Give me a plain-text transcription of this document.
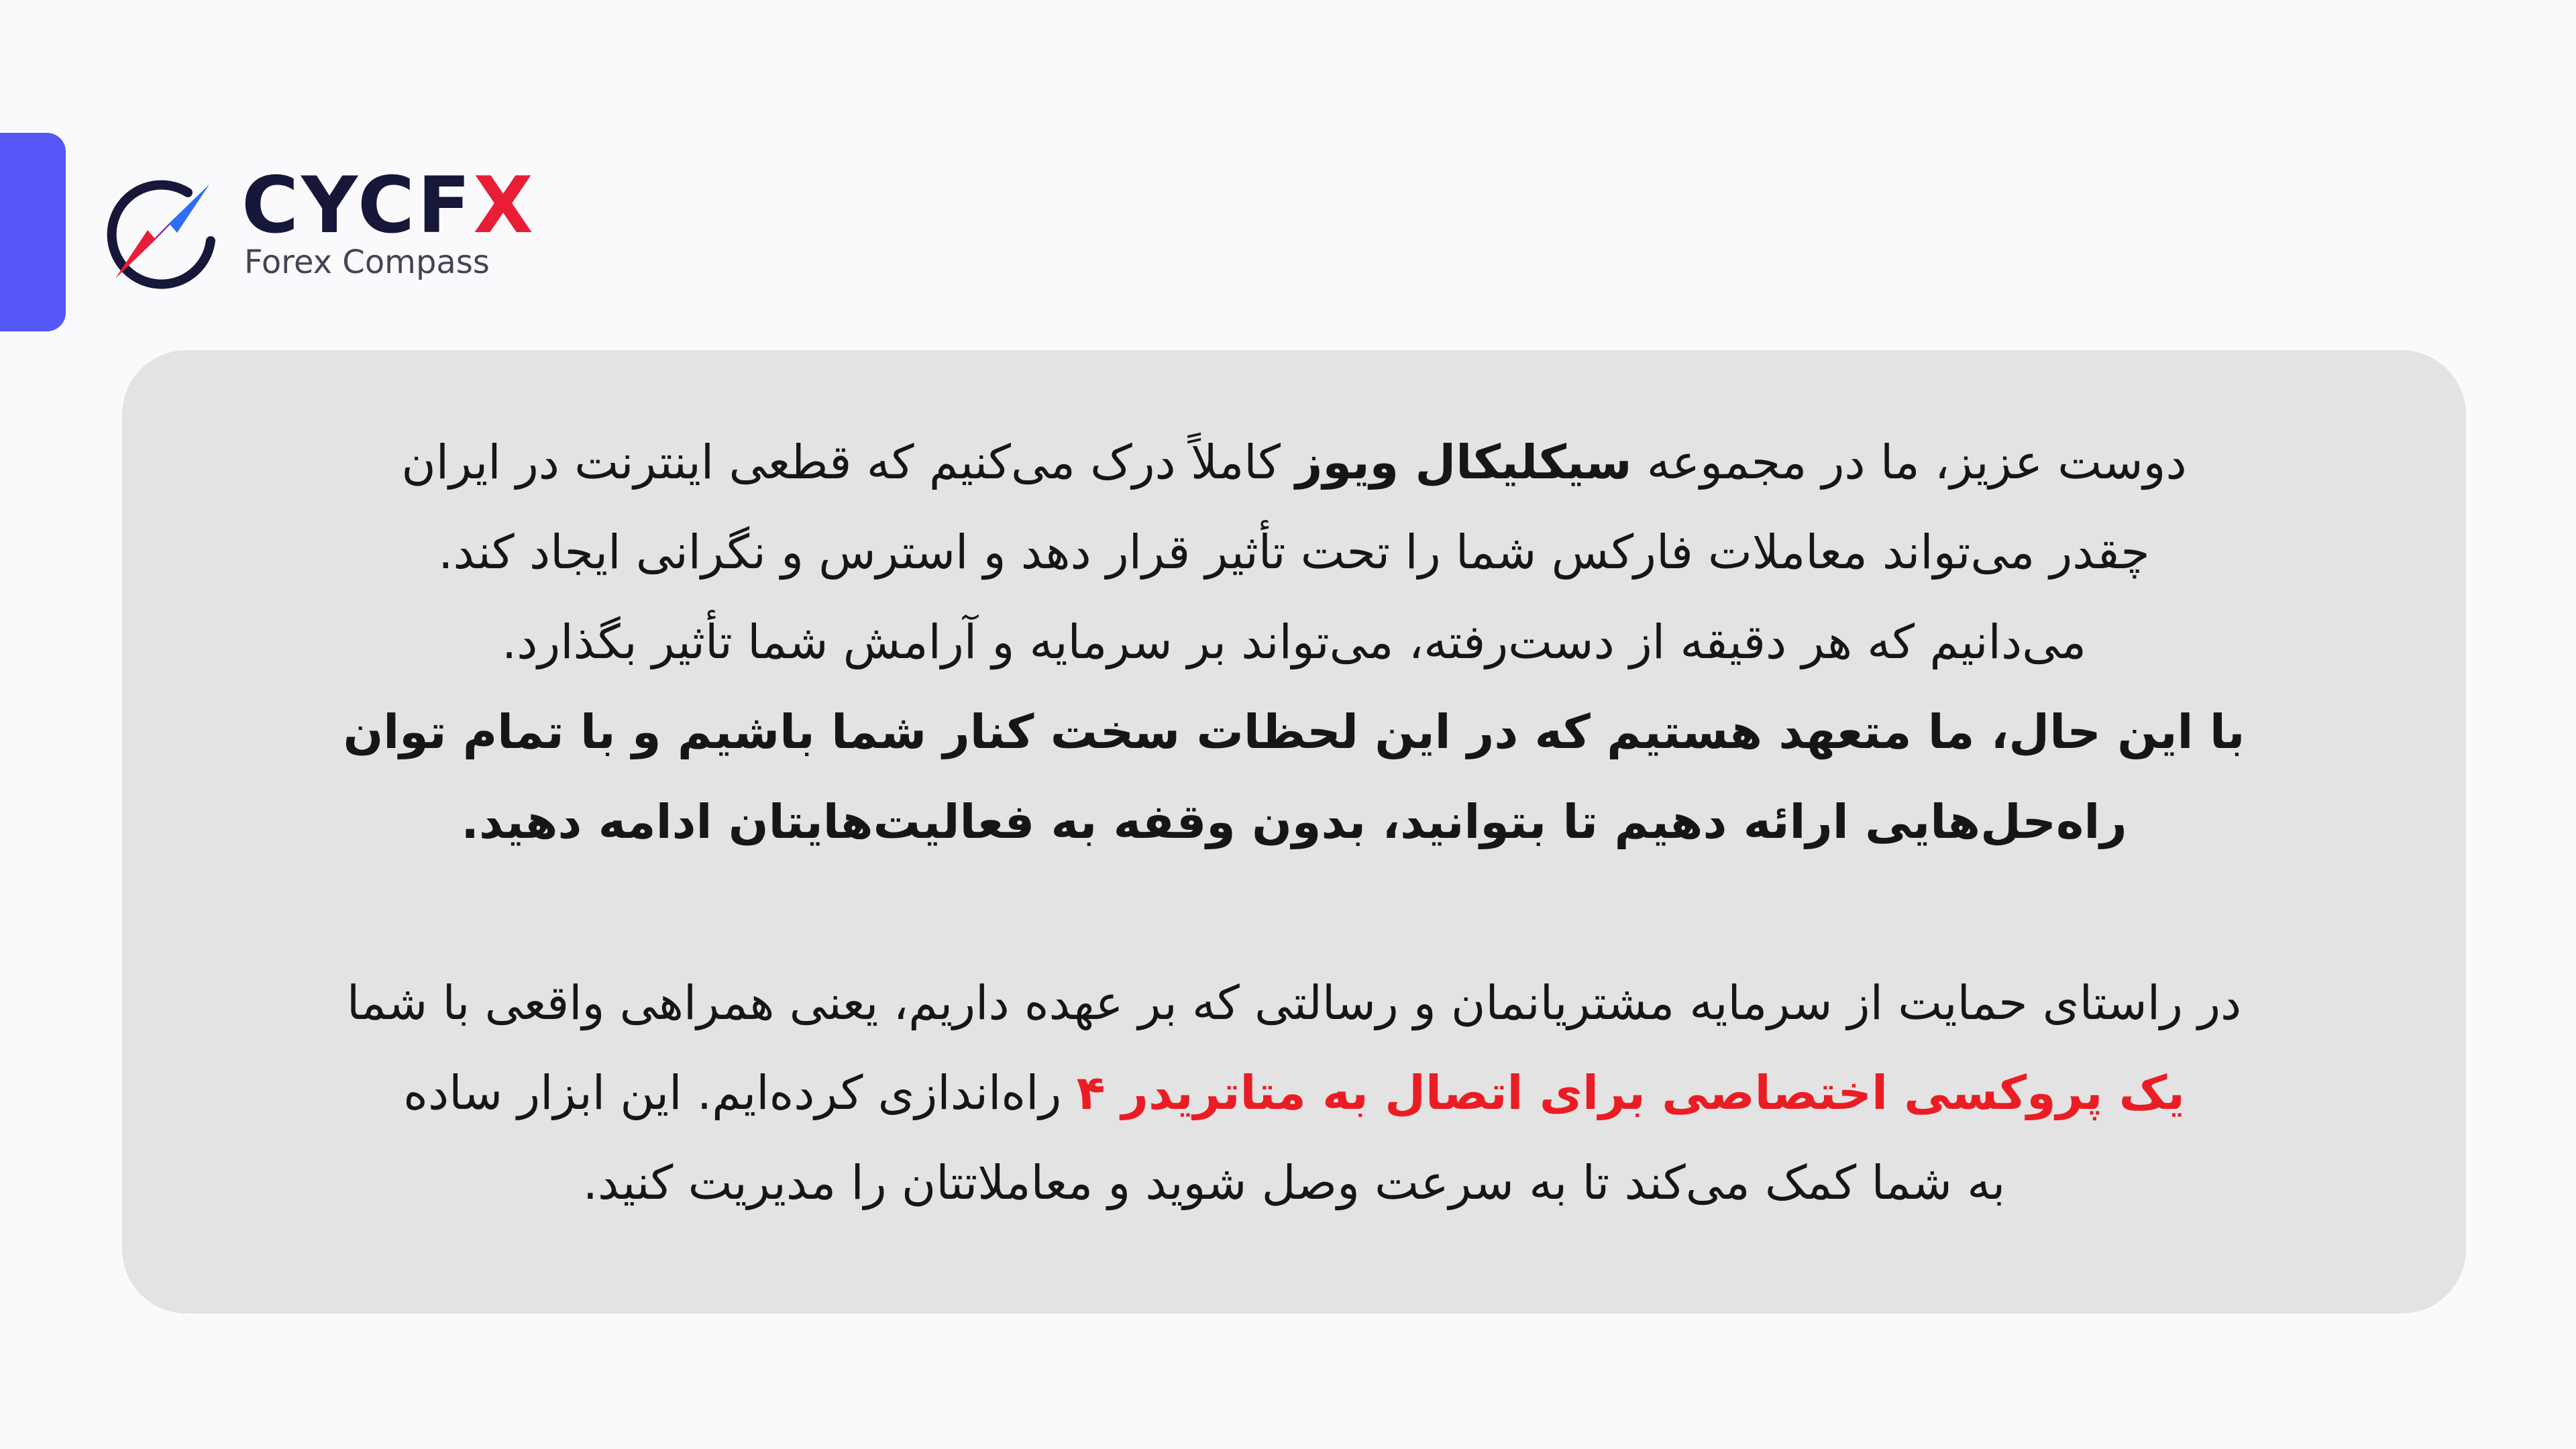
CYCFX
Forex Compass

دوست عزیز، ما در مجموعه سیکلیکال ویوز کاملاً درک می‌کنیم که قطعی اینترنت در ایران

چقدر می‌تواند معاملات فارکس شما را تحت تأثیر قرار دهد و استرس و نگرانی ایجاد کند.

می‌دانیم که هر دقیقه از دست‌رفته، می‌تواند بر سرمایه و آرامش شما تأثیر بگذارد.

با این حال، ما متعهد هستیم که در این لحظات سخت کنار شما باشیم و با تمام توان

راه‌حل‌هایی ارائه دهیم تا بتوانید، بدون وقفه به فعالیت‌هایتان ادامه دهید.

در راستای حمایت از سرمایه مشتریانمان و رسالتی که بر عهده داریم، یعنی همراهی واقعی با شما

یک پروکسی اختصاصی برای اتصال به متاتریدر ۴ راه‌اندازی کرده‌ایم. این ابزار ساده

به شما کمک می‌کند تا به سرعت وصل شوید و معاملاتتان را مدیریت کنید.
